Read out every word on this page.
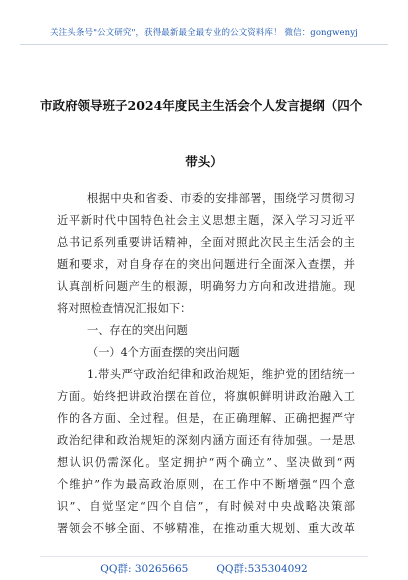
关注头条号"公文研究"，获得最新最全最专业的公文资料库！ 微信：gongwenyj
市政府领导班子2024年度民主生活会个人发言提纲（四个
带头）
根据中央和省委、市委的安排部署，围绕学习贯彻习
近平新时代中国特色社会主义思想主题，深入学习习近平
总书记系列重要讲话精神，全面对照此次民主生活会的主
题和要求，对自身存在的突出问题进行全面深入查摆，并
认真剖析问题产生的根源，明确努力方向和改进措施。现
将对照检查情况汇报如下：
一、存在的突出问题
（一）4个方面查摆的突出问题
1.带头严守政治纪律和政治规矩，维护党的团结统一
方面。始终把讲政治摆在首位，将旗帜鲜明讲政治融入工
作的各方面、全过程。但是，在正确理解、正确把握严守
政治纪律和政治规矩的深刻内涵方面还有待加强。一是思
想认识仍需深化。坚定拥护“两个确立”、坚决做到“两
个维护”作为最高政治原则，在工作中不断增强“四个意
识”、自觉坚定“四个自信”，有时候对中央战略决策部
署领会不够全面、不够精准，在推动重大规划、重大改革
QQ群: 30265665	QQ群:535304092
